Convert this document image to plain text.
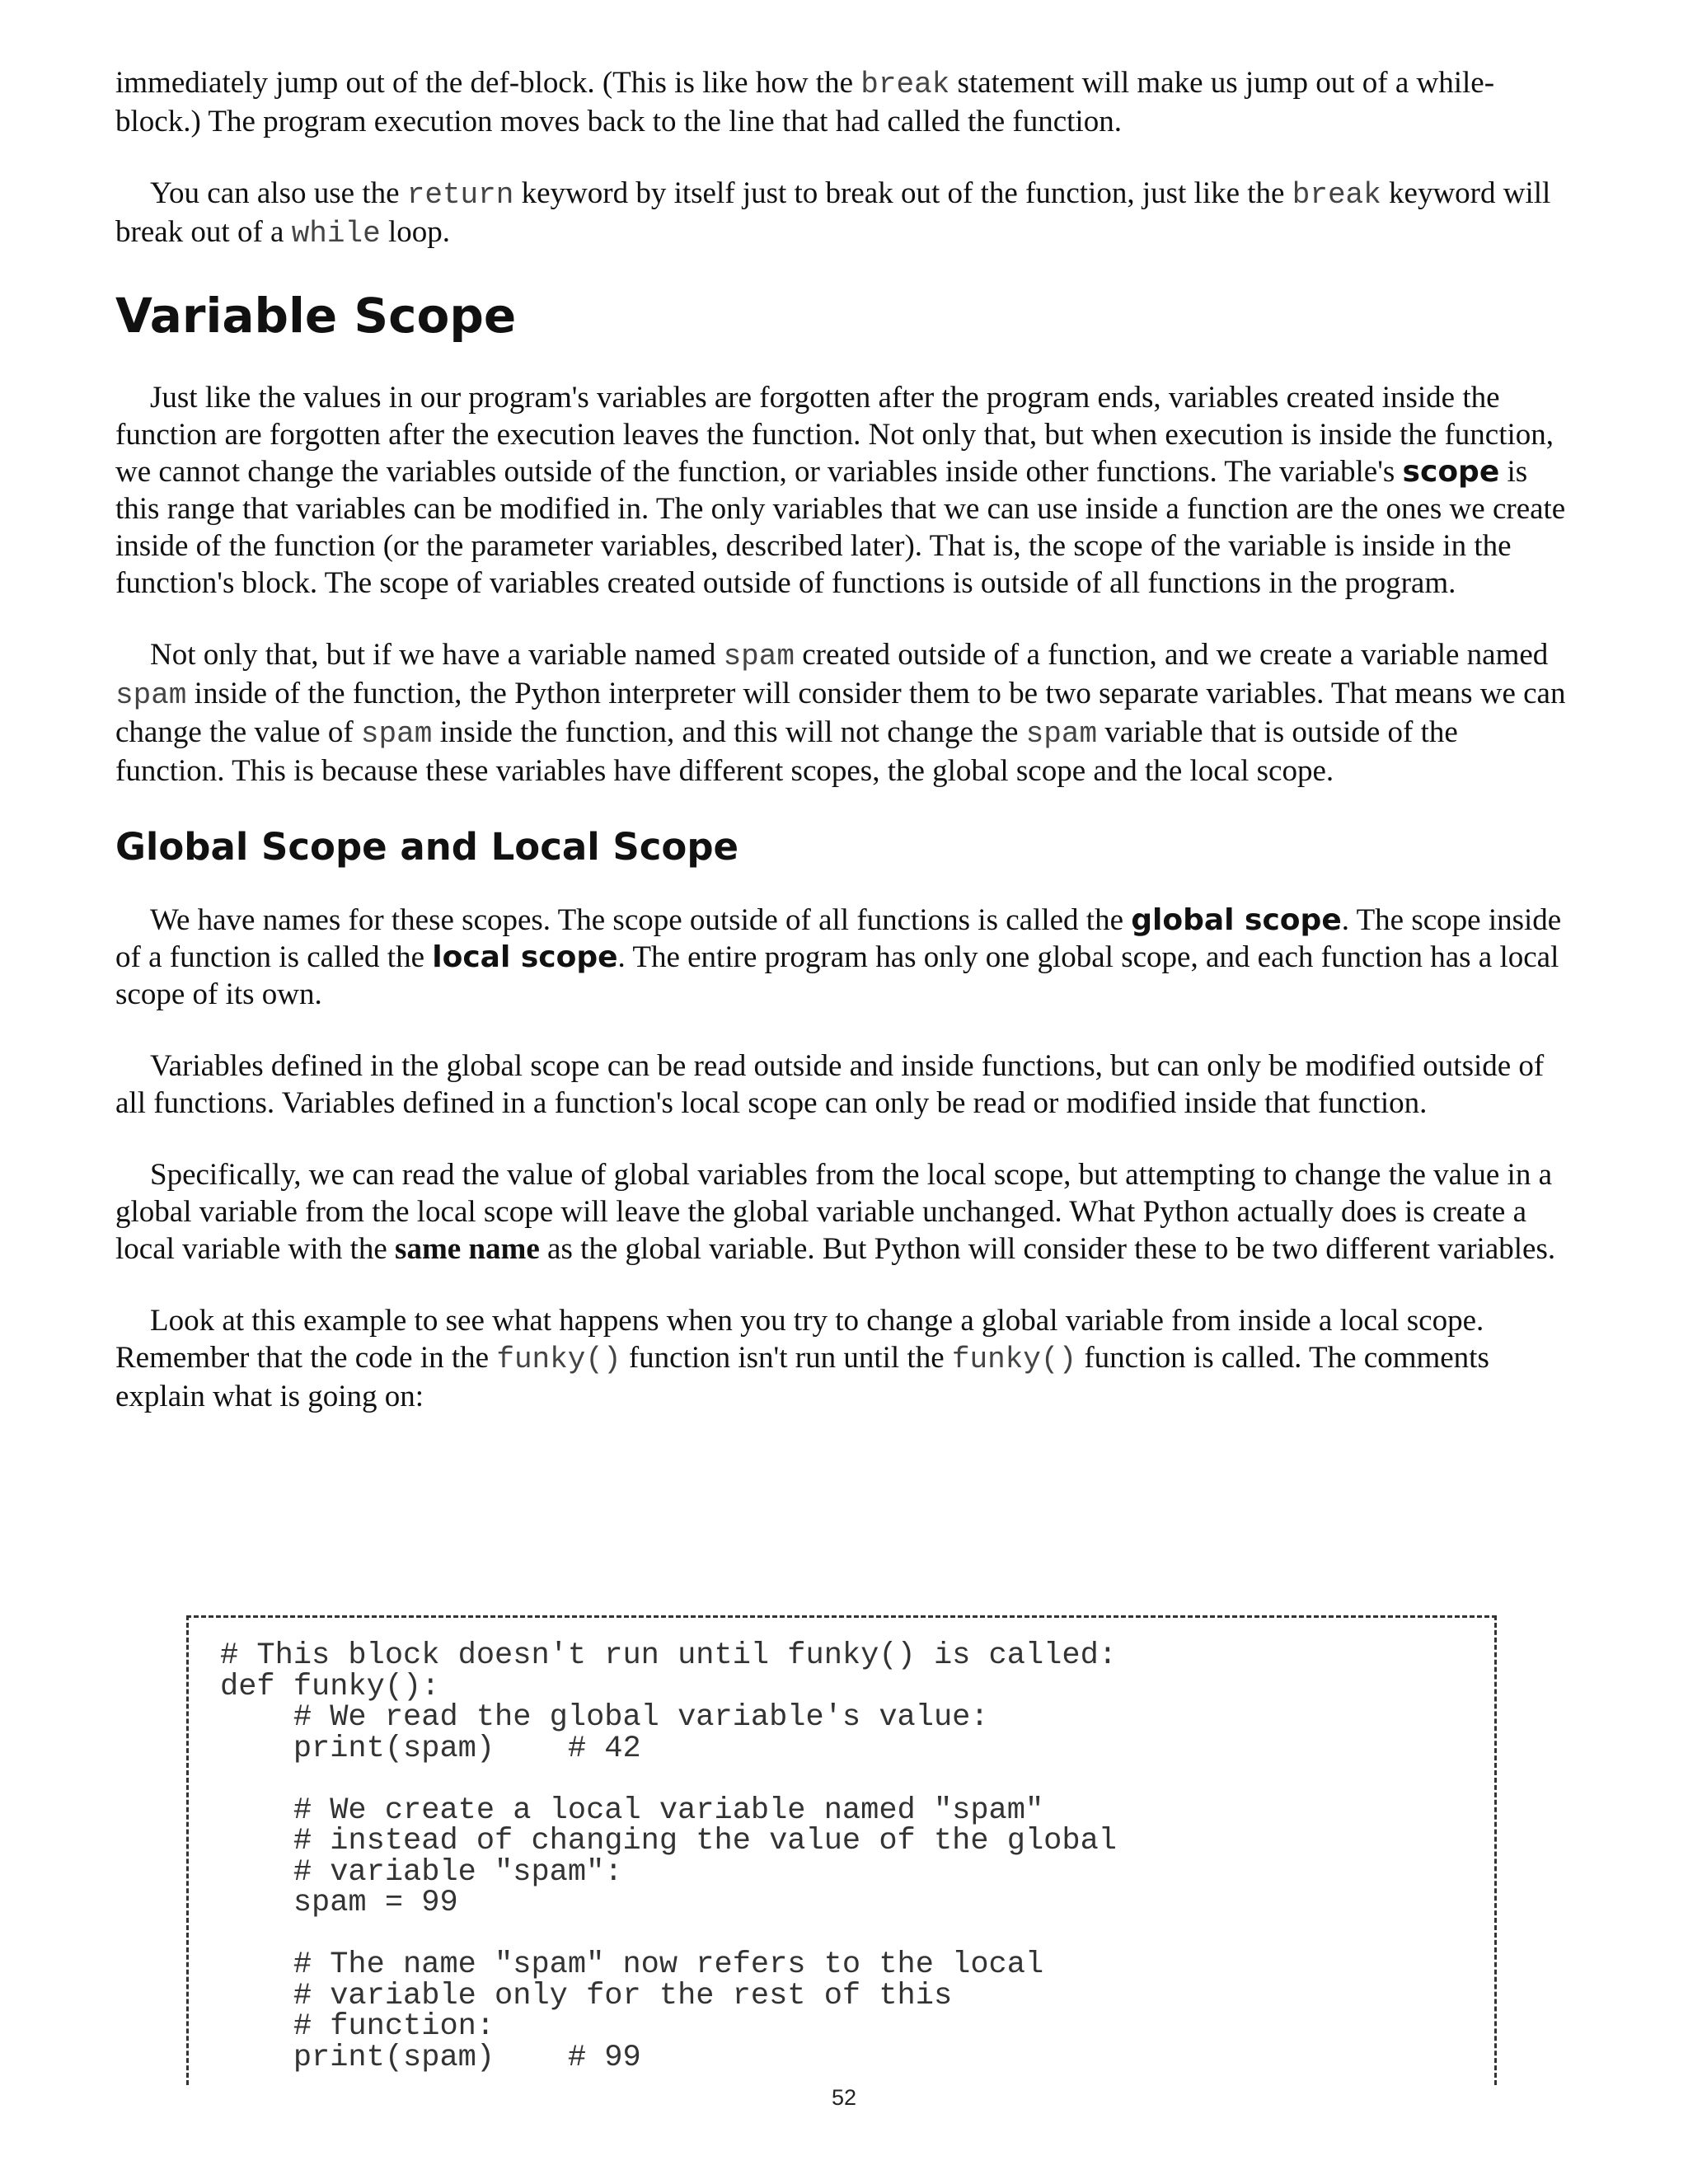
immediately jump out of the def-block. (This is like how the break statement will make us jump out of a while-block.) The program execution moves back to the line that had called the function.

You can also use the return keyword by itself just to break out of the function, just like the break keyword will break out of a while loop.

Variable Scope

Just like the values in our program's variables are forgotten after the program ends, variables created inside the function are forgotten after the execution leaves the function. Not only that, but when execution is inside the function, we cannot change the variables outside of the function, or variables inside other functions. The variable's scope is this range that variables can be modified in. The only variables that we can use inside a function are the ones we create inside of the function (or the parameter variables, described later). That is, the scope of the variable is inside in the function's block. The scope of variables created outside of functions is outside of all functions in the program.

Not only that, but if we have a variable named spam created outside of a function, and we create a variable named spam inside of the function, the Python interpreter will consider them to be two separate variables. That means we can change the value of spam inside the function, and this will not change the spam variable that is outside of the function. This is because these variables have different scopes, the global scope and the local scope.

Global Scope and Local Scope

We have names for these scopes. The scope outside of all functions is called the global scope. The scope inside of a function is called the local scope. The entire program has only one global scope, and each function has a local scope of its own.

Variables defined in the global scope can be read outside and inside functions, but can only be modified outside of all functions. Variables defined in a function's local scope can only be read or modified inside that function.

Specifically, we can read the value of global variables from the local scope, but attempting to change the value in a global variable from the local scope will leave the global variable unchanged. What Python actually does is create a local variable with the same name as the global variable. But Python will consider these to be two different variables.

Look at this example to see what happens when you try to change a global variable from inside a local scope. Remember that the code in the funky() function isn't run until the funky() function is called. The comments explain what is going on:

# This block doesn't run until funky() is called:
def funky():
# We read the global variable's value:
print(spam)    # 42

# We create a local variable named "spam"
# instead of changing the value of the global
# variable "spam":
spam = 99

# The name "spam" now refers to the local
# variable only for the rest of this
# function:
print(spam)    # 99
52
